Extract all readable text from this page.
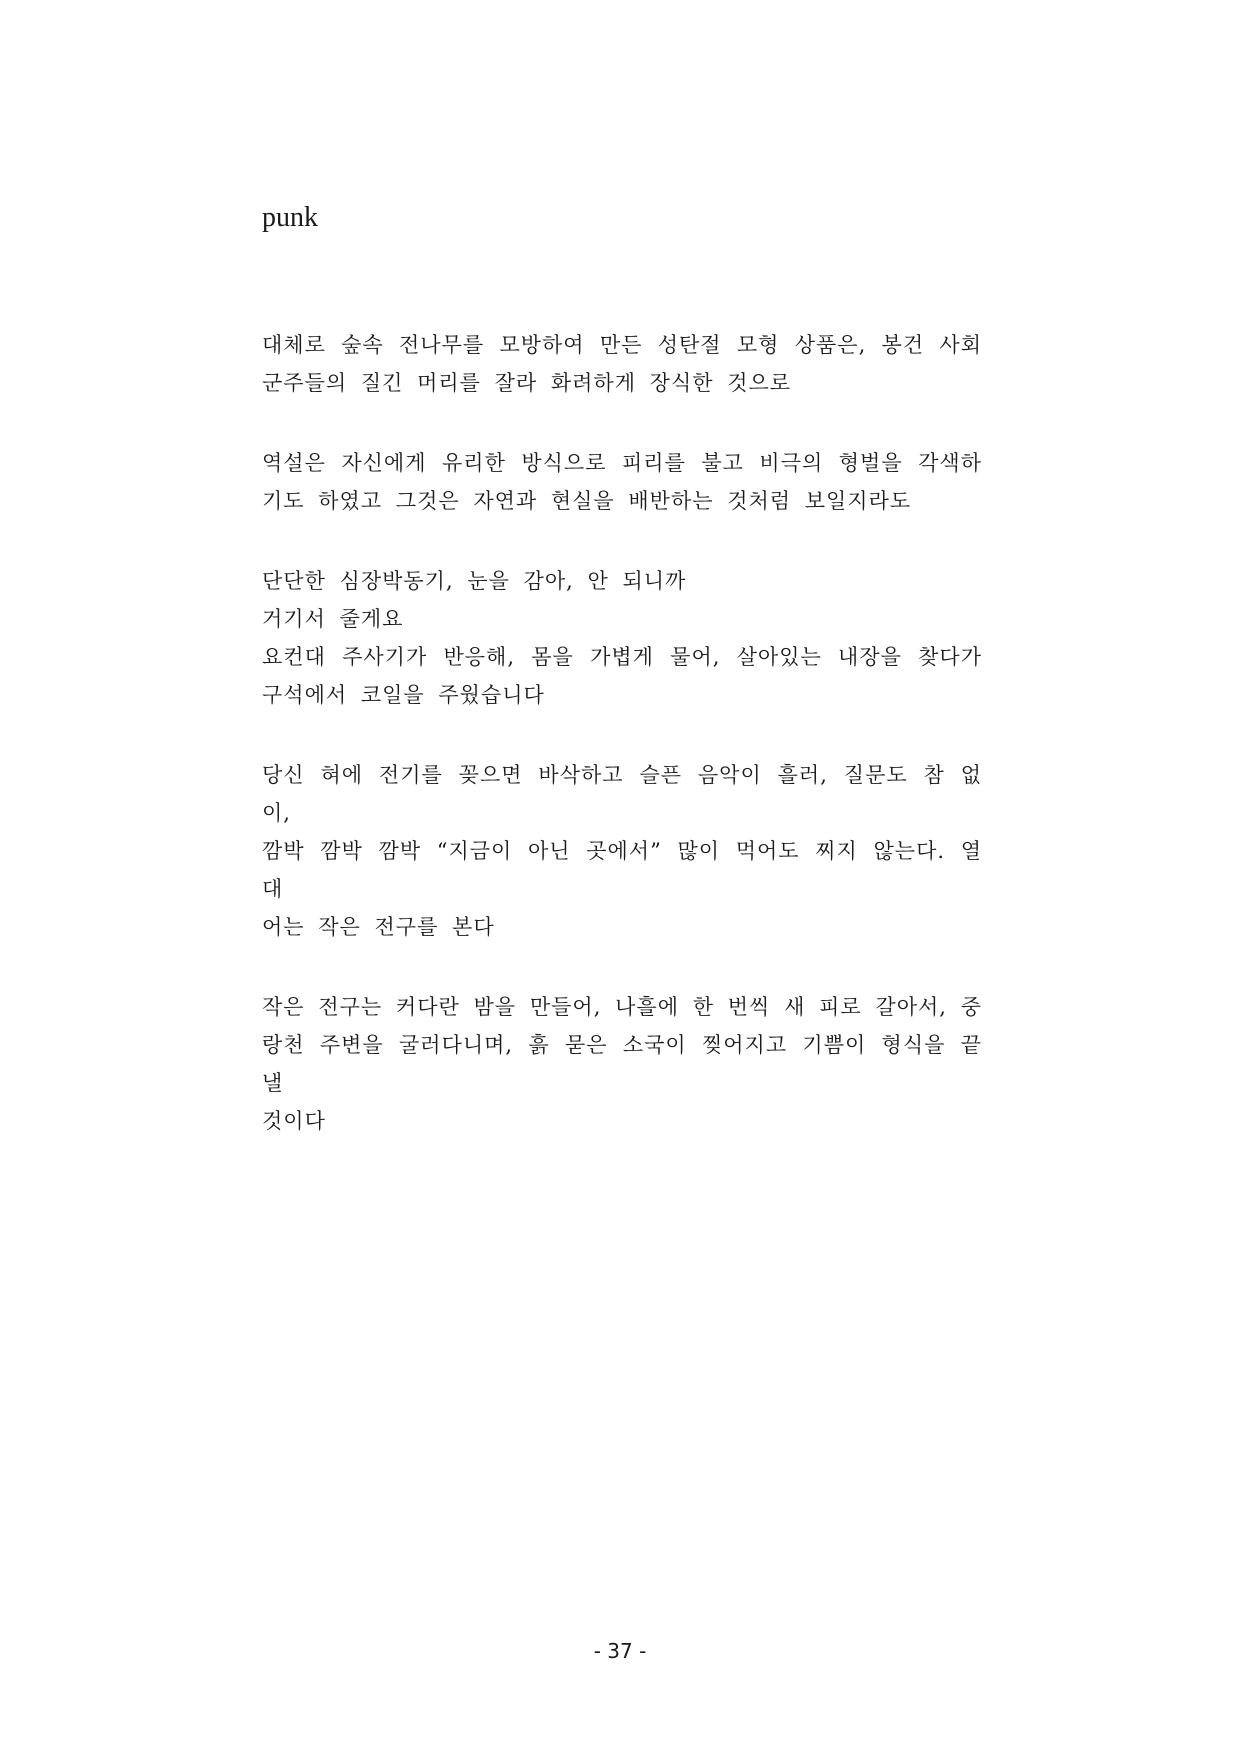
punk
대체로 숲속 전나무를 모방하여 만든 성탄절 모형 상품은, 봉건 사회
군주들의 질긴 머리를 잘라 화려하게 장식한 것으로
역설은 자신에게 유리한 방식으로 피리를 불고 비극의 형벌을 각색하
기도 하였고 그것은 자연과 현실을 배반하는 것처럼 보일지라도
단단한 심장박동기, 눈을 감아, 안 되니까
거기서 줄게요
요컨대 주사기가 반응해, 몸을 가볍게 물어, 살아있는 내장을 찾다가
구석에서 코일을 주웠습니다
당신 혀에 전기를 꽂으면 바삭하고 슬픈 음악이 흘러, 질문도 참 없이,
깜박 깜박 깜박 “지금이 아닌 곳에서” 많이 먹어도 찌지 않는다. 열대
어는 작은 전구를 본다
작은 전구는 커다란 밤을 만들어, 나흘에 한 번씩 새 피로 갈아서, 중
랑천 주변을 굴러다니며, 흙 묻은 소국이 찢어지고 기쁨이 형식을 끝낼
것이다
- 37 -
